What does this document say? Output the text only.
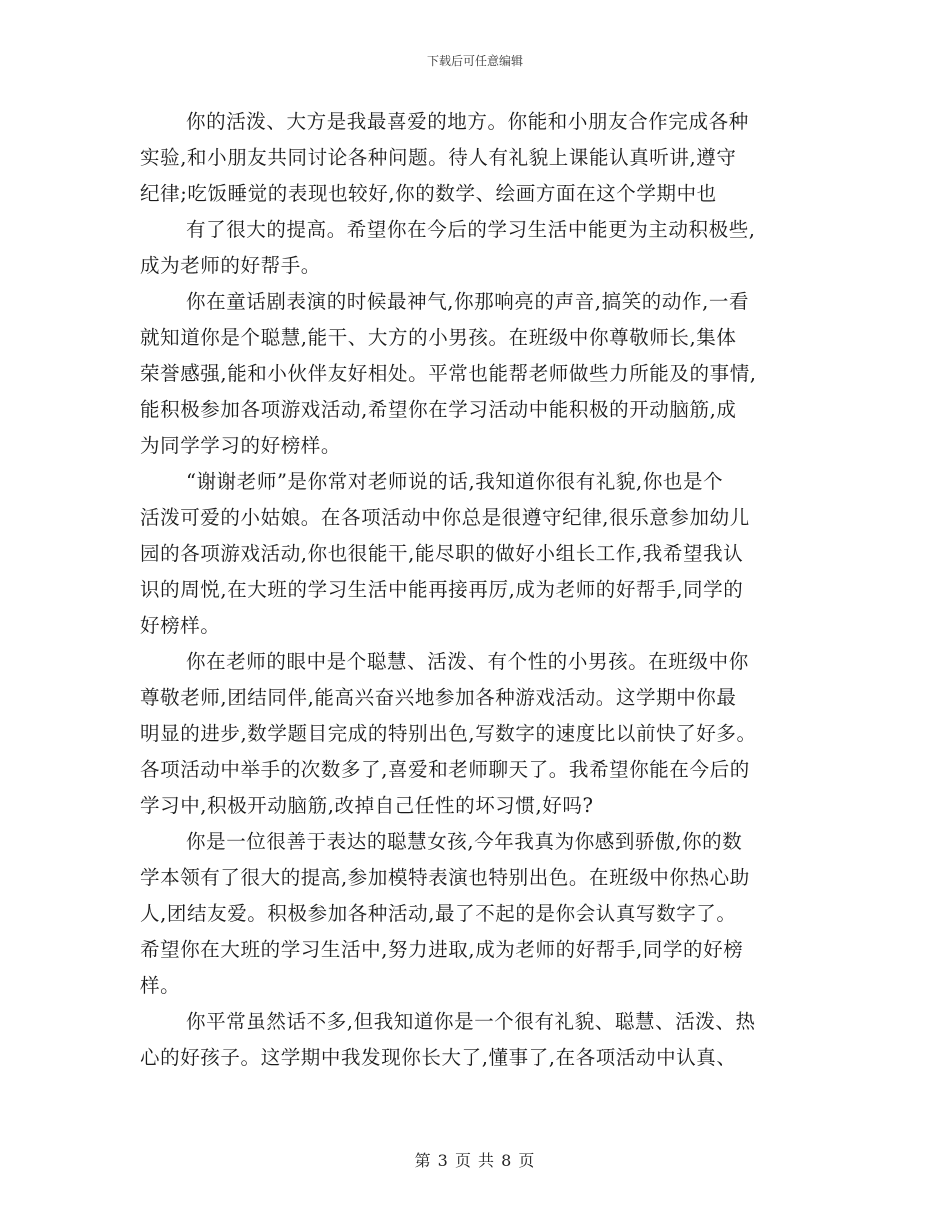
下载后可任意编辑

你的活泼、大方是我最喜爱的地方。你能和小朋友合作完成各种

实验,和小朋友共同讨论各种问题。待人有礼貌上课能认真听讲,遵守

纪律;吃饭睡觉的表现也较好,你的数学、绘画方面在这个学期中也

有了很大的提高。希望你在今后的学习生活中能更为主动积极些,

成为老师的好帮手。

你在童话剧表演的时候最神气,你那响亮的声音,搞笑的动作,一看

就知道你是个聪慧,能干、大方的小男孩。在班级中你尊敬师长,集体

荣誉感强,能和小伙伴友好相处。平常也能帮老师做些力所能及的事情,

能积极参加各项游戏活动,希望你在学习活动中能积极的开动脑筋,成

为同学学习的好榜样。

“谢谢老师”是你常对老师说的话,我知道你很有礼貌,你也是个

活泼可爱的小姑娘。在各项活动中你总是很遵守纪律,很乐意参加幼儿

园的各项游戏活动,你也很能干,能尽职的做好小组长工作,我希望我认

识的周悦,在大班的学习生活中能再接再厉,成为老师的好帮手,同学的

好榜样。

你在老师的眼中是个聪慧、活泼、有个性的小男孩。在班级中你

尊敬老师,团结同伴,能高兴奋兴地参加各种游戏活动。这学期中你最

明显的进步,数学题目完成的特别出色,写数字的速度比以前快了好多。

各项活动中举手的次数多了,喜爱和老师聊天了。我希望你能在今后的

学习中,积极开动脑筋,改掉自己任性的坏习惯,好吗?

你是一位很善于表达的聪慧女孩,今年我真为你感到骄傲,你的数

学本领有了很大的提高,参加模特表演也特别出色。在班级中你热心助

人,团结友爱。积极参加各种活动,最了不起的是你会认真写数字了。

希望你在大班的学习生活中,努力进取,成为老师的好帮手,同学的好榜

样。

你平常虽然话不多,但我知道你是一个很有礼貌、聪慧、活泼、热

心的好孩子。这学期中我发现你长大了,懂事了,在各项活动中认真、

第 3 页 共 8 页
